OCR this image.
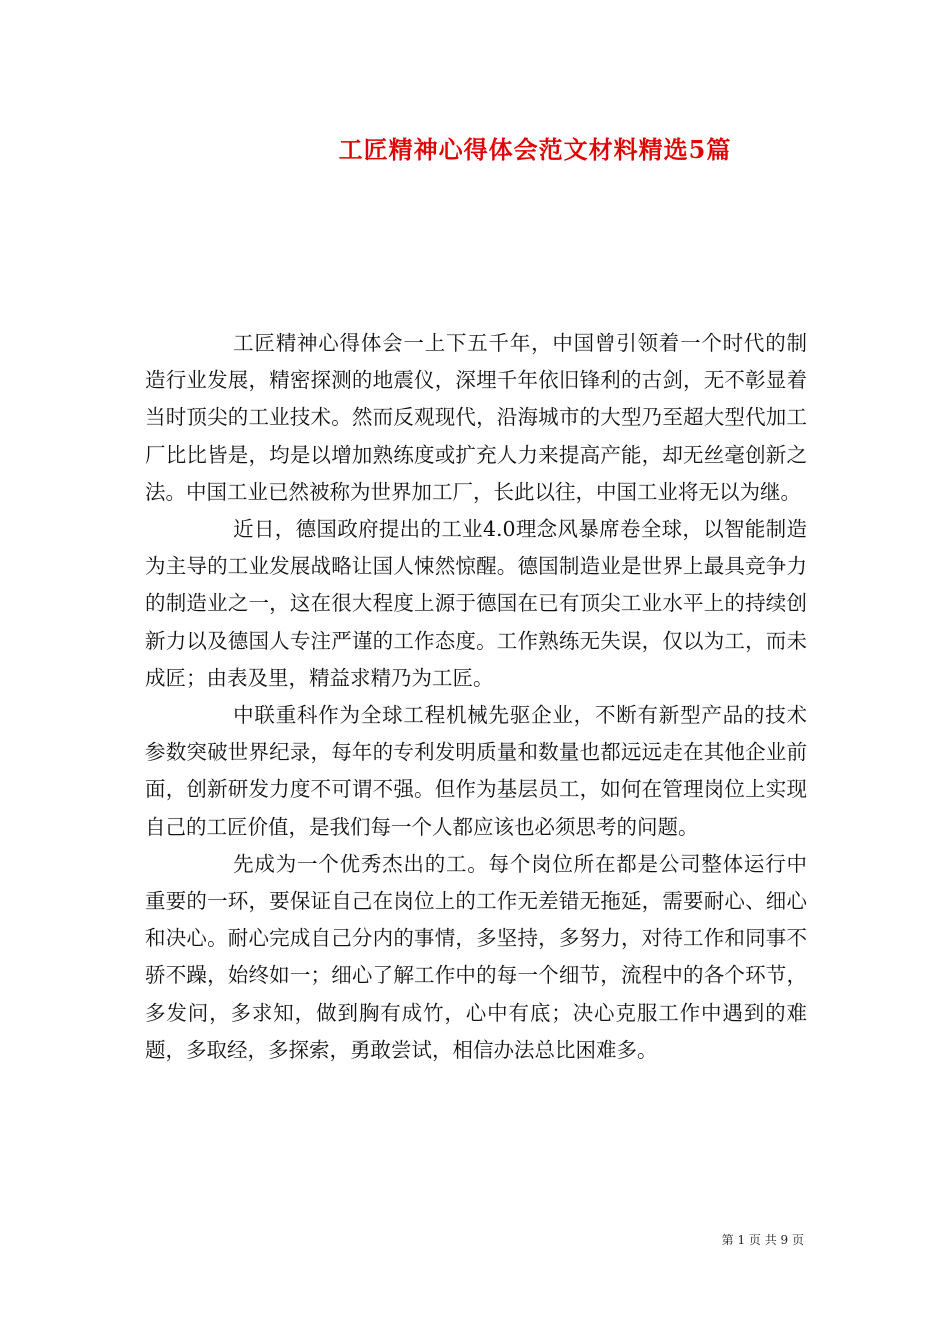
工匠精神心得体会范文材料精选5篇

工匠精神心得体会一上下五千年，中国曾引领着一个时代的制造行业发展，精密探测的地震仪，深埋千年依旧锋利的古剑，无不彰显着当时顶尖的工业技术。然而反观现代，沿海城市的大型乃至超大型代加工厂比比皆是，均是以增加熟练度或扩充人力来提高产能，却无丝毫创新之法。中国工业已然被称为世界加工厂，长此以往，中国工业将无以为继。

近日，德国政府提出的工业4.0理念风暴席卷全球，以智能制造为主导的工业发展战略让国人悚然惊醒。德国制造业是世界上最具竞争力的制造业之一，这在很大程度上源于德国在已有顶尖工业水平上的持续创新力以及德国人专注严谨的工作态度。工作熟练无失误，仅以为工，而未成匠；由表及里，精益求精乃为工匠。

中联重科作为全球工程机械先驱企业，不断有新型产品的技术参数突破世界纪录，每年的专利发明质量和数量也都远远走在其他企业前面，创新研发力度不可谓不强。但作为基层员工，如何在管理岗位上实现自己的工匠价值，是我们每一个人都应该也必须思考的问题。

先成为一个优秀杰出的工。每个岗位所在都是公司整体运行中重要的一环，要保证自己在岗位上的工作无差错无拖延，需要耐心、细心和决心。耐心完成自己分内的事情，多坚持，多努力，对待工作和同事不骄不躁，始终如一；细心了解工作中的每一个细节，流程中的各个环节，多发问，多求知，做到胸有成竹，心中有底；决心克服工作中遇到的难题，多取经，多探索，勇敢尝试，相信办法总比困难多。

第 1 页 共 9 页
